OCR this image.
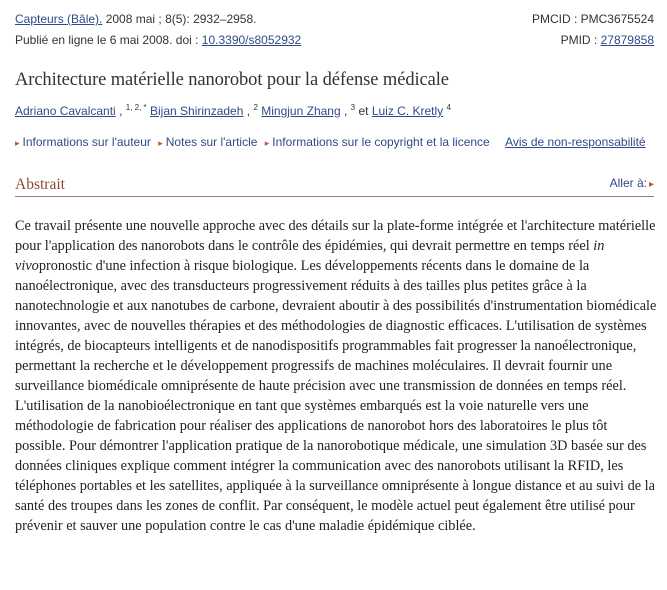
Capteurs (Bâle). 2008 mai ; 8(5): 2932–2958.	PMCID : PMC3675524
Publié en ligne le 6 mai 2008. doi : 10.3390/s8052932	PMID : 27879858
Architecture matérielle nanorobot pour la défense médicale
Adriano Cavalcanti , $^{1, 2, *}$ Bijan Shirinzadeh , $^2$ Mingjun Zhang , $^3$ et Luiz C. Kretly $^4$
▸ Informations sur l'auteur ▸ Notes sur l'article ▸ Informations sur le copyright et la licence Avis de non-responsabilité
Abstrait	Aller à: ▸

Ce travail présente une nouvelle approche avec des détails sur la plate-forme intégrée et l'architecture matérielle pour l'application des nanorobots dans le contrôle des épidémies, qui devrait permettre en temps réel in vivopronostic d'une infection à risque biologique. Les développements récents dans le domaine de la nanoélectronique, avec des transducteurs progressivement réduits à des tailles plus petites grâce à la nanotechnologie et aux nanotubes de carbone, devraient aboutir à des possibilités d'instrumentation biomédicale innovantes, avec de nouvelles thérapies et des méthodologies de diagnostic efficaces. L'utilisation de systèmes intégrés, de biocapteurs intelligents et de nanodispositifs programmables fait progresser la nanoélectronique, permettant la recherche et le développement progressifs de machines moléculaires. Il devrait fournir une surveillance biomédicale omniprésente de haute précision avec une transmission de données en temps réel. L'utilisation de la nanobioélectronique en tant que systèmes embarqués est la voie naturelle vers une méthodologie de fabrication pour réaliser des applications de nanorobot hors des laboratoires le plus tôt possible. Pour démontrer l'application pratique de la nanorobotique médicale, une simulation 3D basée sur des données cliniques explique comment intégrer la communication avec des nanorobots utilisant la RFID, les téléphones portables et les satellites, appliquée à la surveillance omniprésente à longue distance et au suivi de la santé des troupes dans les zones de conflit. Par conséquent, le modèle actuel peut également être utilisé pour prévenir et sauver une population contre le cas d'une maladie épidémique ciblée.
